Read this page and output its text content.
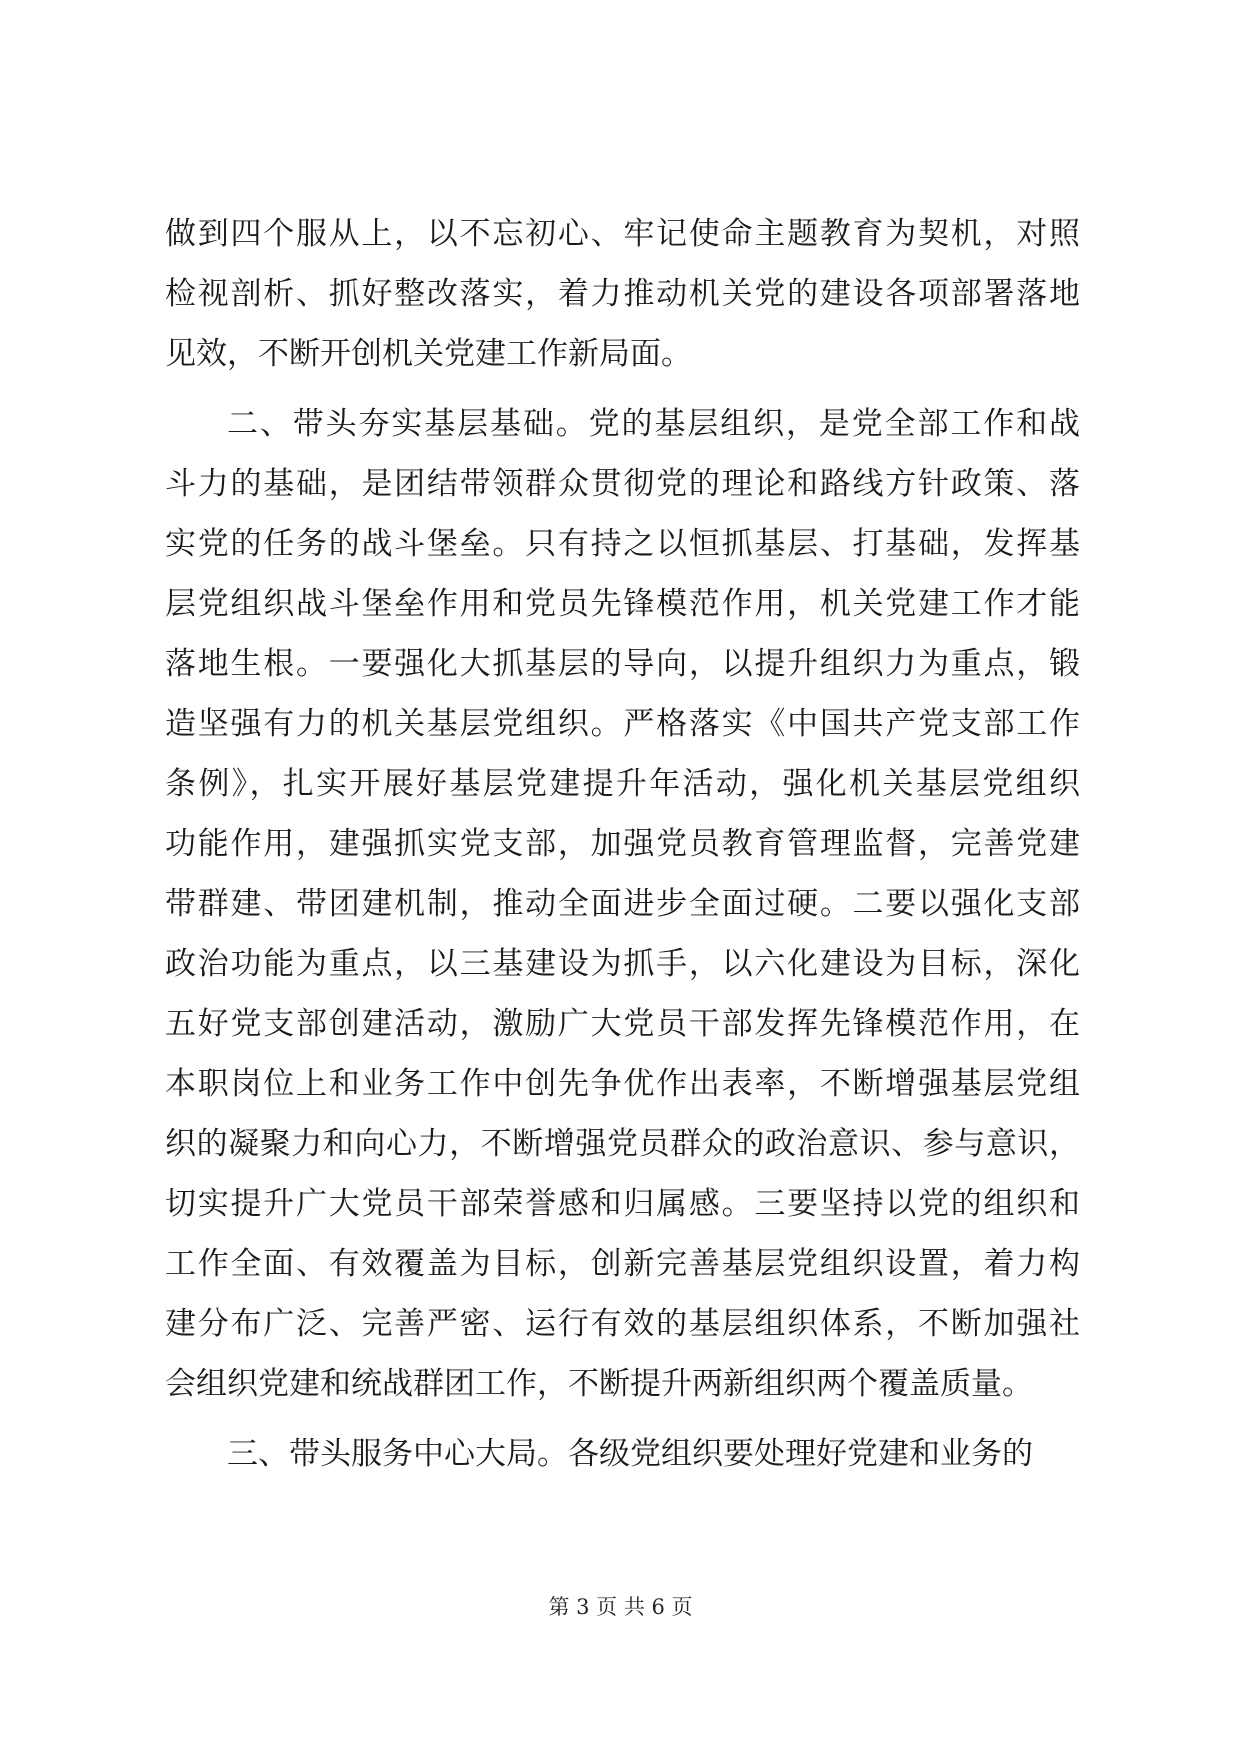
做到四个服从上，以不忘初心、牢记使命主题教育为契机，对照
检视剖析、抓好整改落实，着力推动机关党的建设各项部署落地
见效，不断开创机关党建工作新局面。
二、带头夯实基层基础。党的基层组织，是党全部工作和战
斗力的基础，是团结带领群众贯彻党的理论和路线方针政策、落
实党的任务的战斗堡垒。只有持之以恒抓基层、打基础，发挥基
层党组织战斗堡垒作用和党员先锋模范作用，机关党建工作才能
落地生根。一要强化大抓基层的导向，以提升组织力为重点，锻
造坚强有力的机关基层党组织。严格落实《中国共产党支部工作
条例》，扎实开展好基层党建提升年活动，强化机关基层党组织
功能作用，建强抓实党支部，加强党员教育管理监督，完善党建
带群建、带团建机制，推动全面进步全面过硬。二要以强化支部
政治功能为重点，以三基建设为抓手，以六化建设为目标，深化
五好党支部创建活动，激励广大党员干部发挥先锋模范作用，在
本职岗位上和业务工作中创先争优作出表率，不断增强基层党组
织的凝聚力和向心力，不断增强党员群众的政治意识、参与意识，
切实提升广大党员干部荣誉感和归属感。三要坚持以党的组织和
工作全面、有效覆盖为目标，创新完善基层党组织设置，着力构
建分布广泛、完善严密、运行有效的基层组织体系，不断加强社
会组织党建和统战群团工作，不断提升两新组织两个覆盖质量。
三、带头服务中心大局。各级党组织要处理好党建和业务的
第 3 页 共 6 页
